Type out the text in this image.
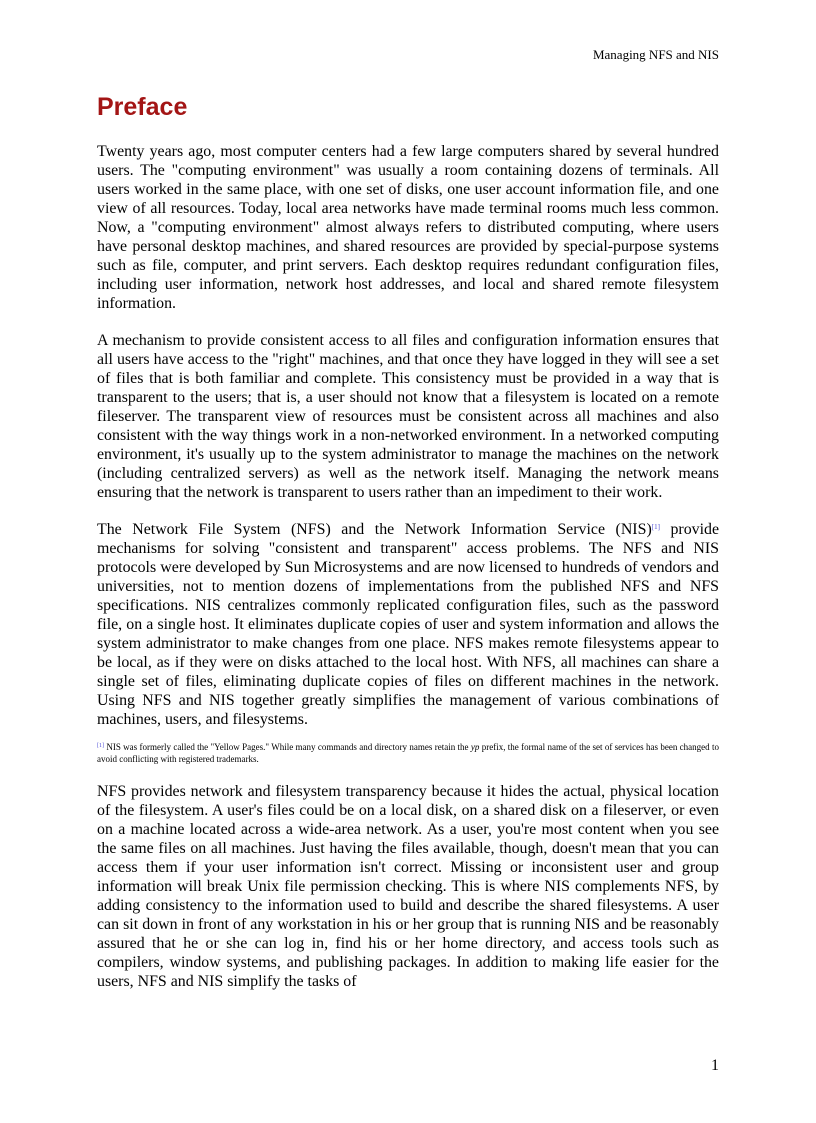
Managing NFS and NIS
Preface

Twenty years ago, most computer centers had a few large computers shared by several hundred users. The "computing environment" was usually a room containing dozens of terminals. All users worked in the same place, with one set of disks, one user account information file, and one view of all resources. Today, local area networks have made terminal rooms much less common. Now, a "computing environment" almost always refers to distributed computing, where users have personal desktop machines, and shared resources are provided by special-purpose systems such as file, computer, and print servers. Each desktop requires redundant configuration files, including user information, network host addresses, and local and shared remote filesystem information.

A mechanism to provide consistent access to all files and configuration information ensures that all users have access to the "right" machines, and that once they have logged in they will see a set of files that is both familiar and complete. This consistency must be provided in a way that is transparent to the users; that is, a user should not know that a filesystem is located on a remote fileserver. The transparent view of resources must be consistent across all machines and also consistent with the way things work in a non-networked environment. In a networked computing environment, it's usually up to the system administrator to manage the machines on the network (including centralized servers) as well as the network itself. Managing the network means ensuring that the network is transparent to users rather than an impediment to their work.

The Network File System (NFS) and the Network Information Service (NIS)[1] provide mechanisms for solving "consistent and transparent" access problems. The NFS and NIS protocols were developed by Sun Microsystems and are now licensed to hundreds of vendors and universities, not to mention dozens of implementations from the published NFS and NFS specifications. NIS centralizes commonly replicated configuration files, such as the password file, on a single host. It eliminates duplicate copies of user and system information and allows the system administrator to make changes from one place. NFS makes remote filesystems appear to be local, as if they were on disks attached to the local host. With NFS, all machines can share a single set of files, eliminating duplicate copies of files on different machines in the network. Using NFS and NIS together greatly simplifies the management of various combinations of machines, users, and filesystems.

[1] NIS was formerly called the "Yellow Pages." While many commands and directory names retain the yp prefix, the formal name of the set of services has been changed to avoid conflicting with registered trademarks.

NFS provides network and filesystem transparency because it hides the actual, physical location of the filesystem. A user's files could be on a local disk, on a shared disk on a fileserver, or even on a machine located across a wide-area network. As a user, you're most content when you see the same files on all machines. Just having the files available, though, doesn't mean that you can access them if your user information isn't correct. Missing or inconsistent user and group information will break Unix file permission checking. This is where NIS complements NFS, by adding consistency to the information used to build and describe the shared filesystems. A user can sit down in front of any workstation in his or her group that is running NIS and be reasonably assured that he or she can log in, find his or her home directory, and access tools such as compilers, window systems, and publishing packages. In addition to making life easier for the users, NFS and NIS simplify the tasks of

1
